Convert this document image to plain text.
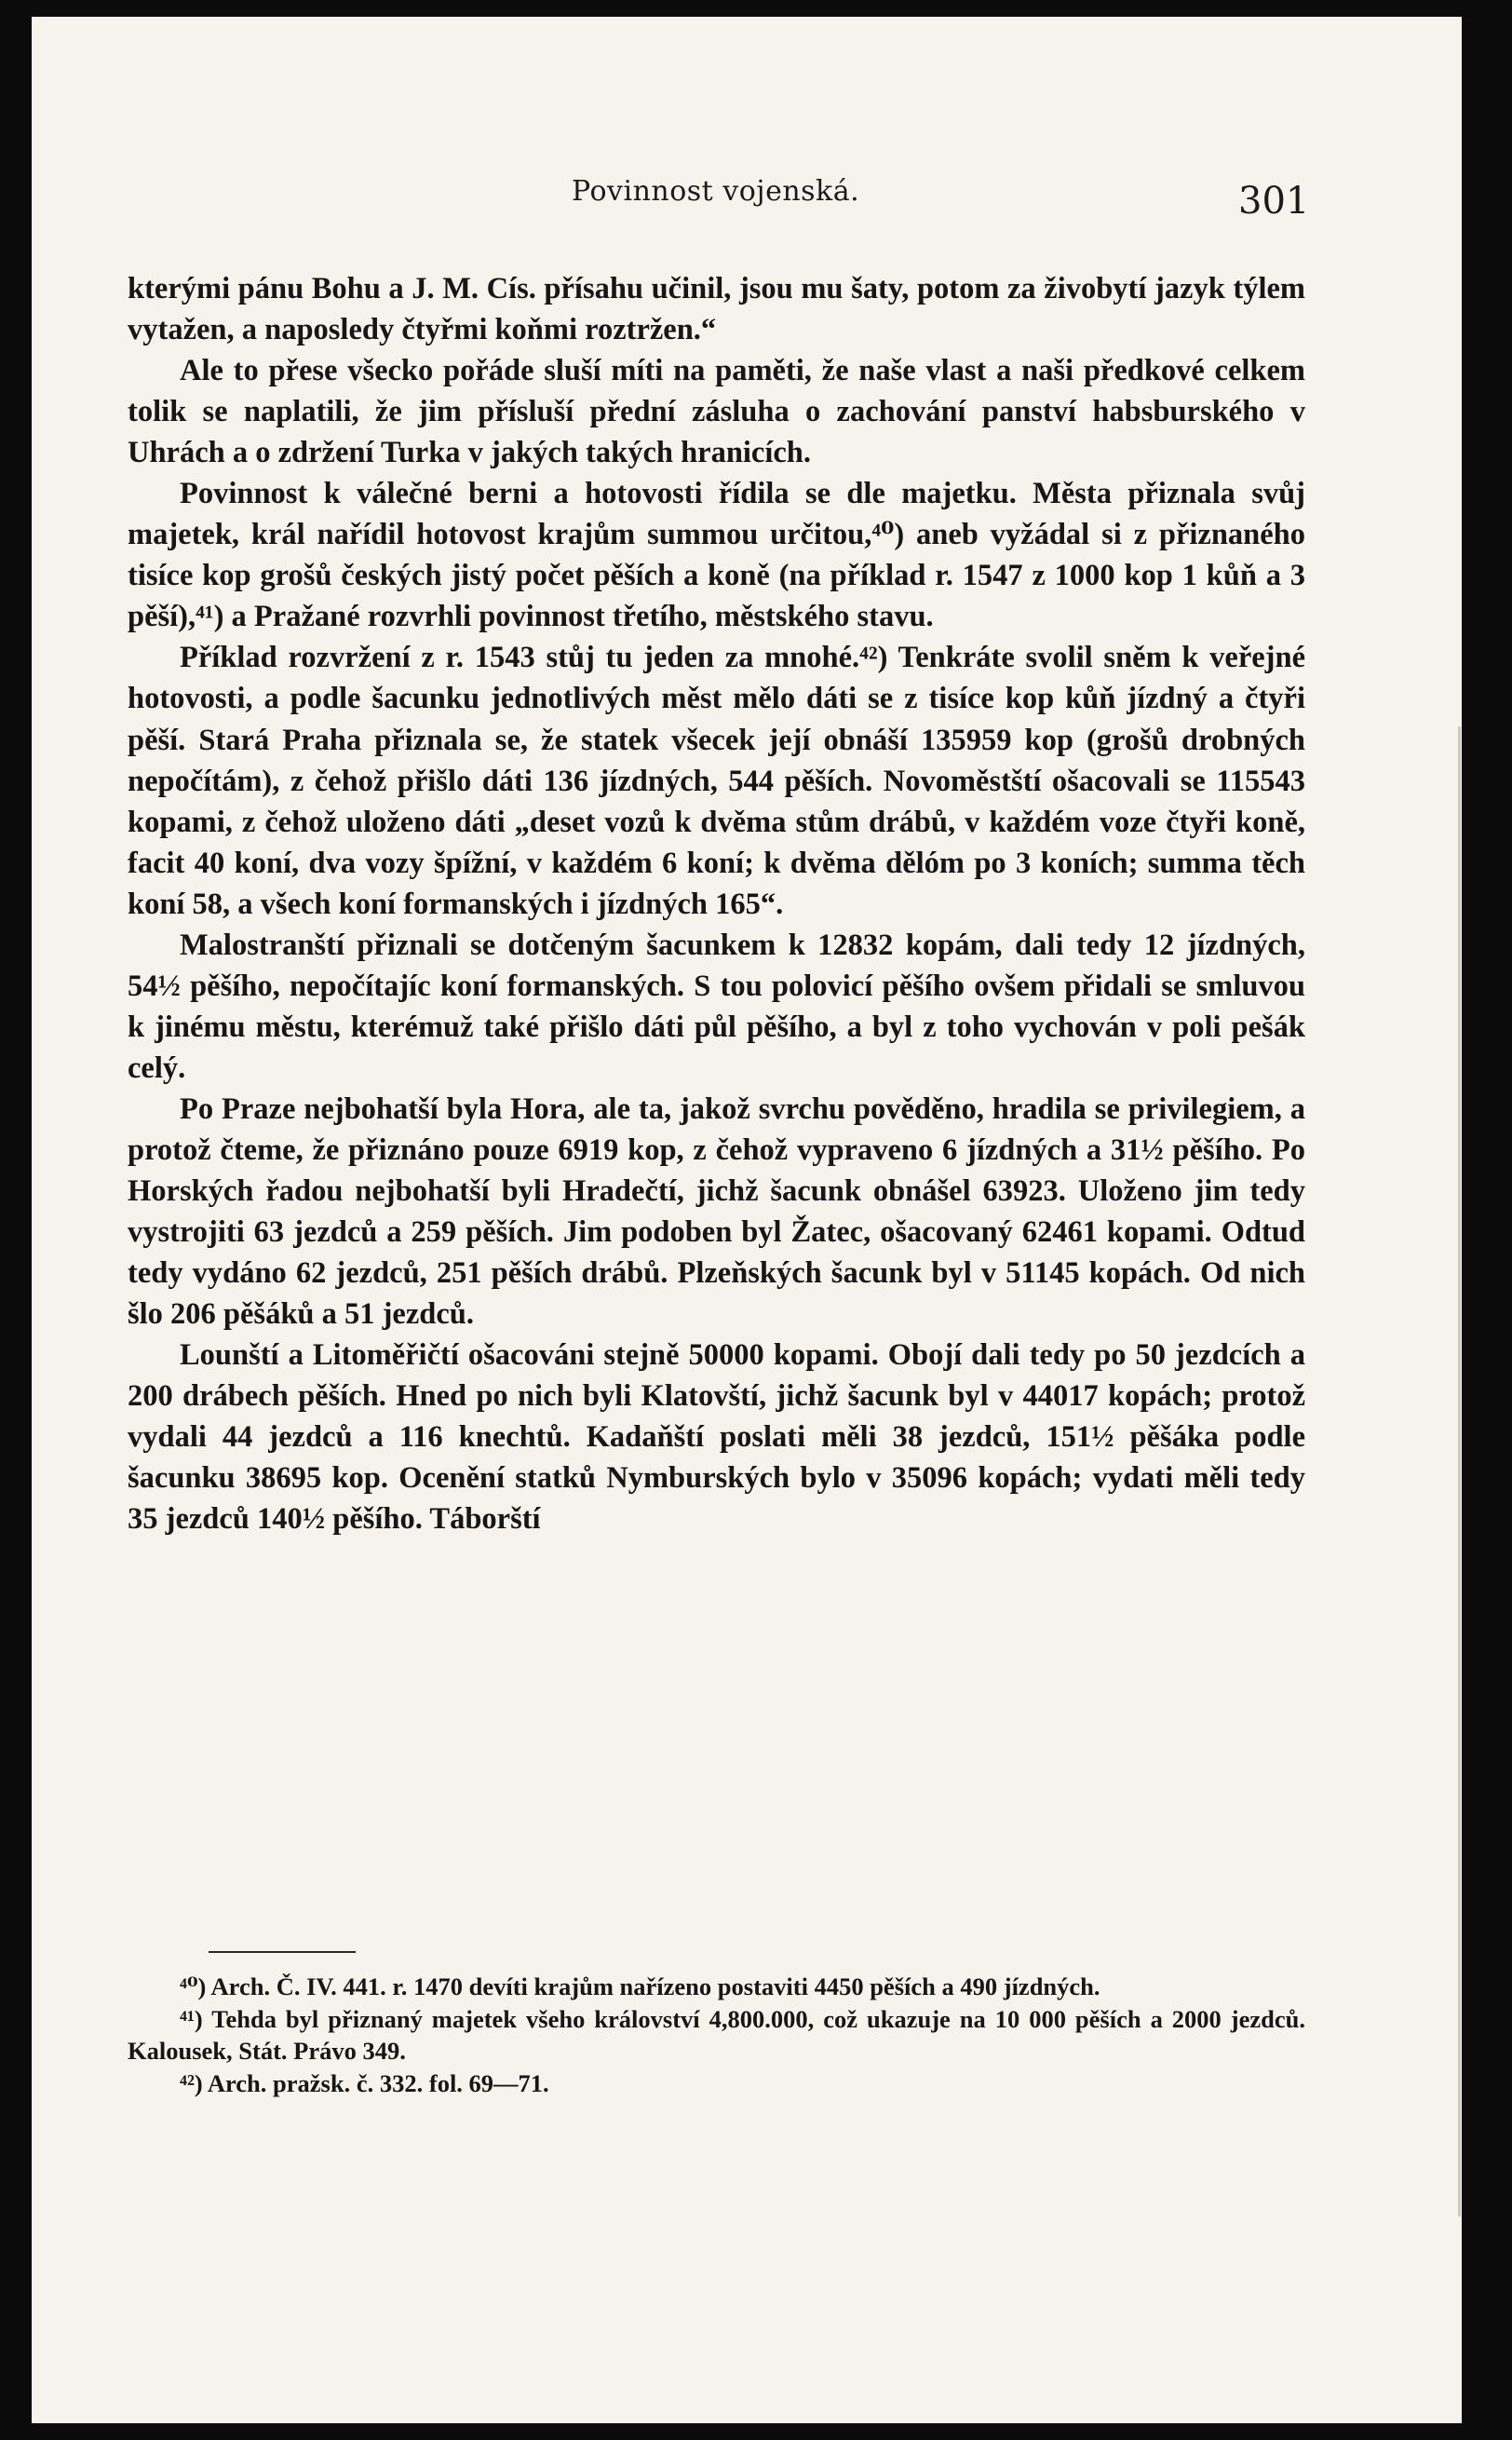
Povinnost vojenská.	301

kterými pánu Bohu a J. M. Cís. přísahu učinil, jsou mu šaty, potom za živobytí jazyk týlem vytažen, a naposledy čtyřmi koňmi roztržen.“

Ale to přese všecko pořáde sluší míti na paměti, že naše vlast a naši předkové celkem tolik se naplatili, že jim přísluší přední zásluha o zachování panství habsburského v Uhrách a o zdržení Turka v jakých takých hranicích.

Povinnost k válečné berni a hotovosti řídila se dle majetku. Města přiznala svůj majetek, král nařídil hotovost krajům summou určitou,⁴⁰) aneb vyžádal si z přiznaného tisíce kop grošů českých jistý počet pěších a koně (na příklad r. 1547 z 1000 kop 1 kůň a 3 pěší),⁴¹) a Pražané rozvrhli povinnost třetího, městského stavu.

Příklad rozvržení z r. 1543 stůj tu jeden za mnohé.⁴²) Tenkráte svolil sněm k veřejné hotovosti, a podle šacunku jednotlivých měst mělo dáti se z tisíce kop kůň jízdný a čtyři pěší. Stará Praha přiznala se, že statek všecek její obnáší 135959 kop (grošů drobných nepočítám), z čehož přišlo dáti 136 jízdných, 544 pěších. Novoměstští ošacovali se 115543 kopami, z čehož uloženo dáti „deset vozů k dvěma stům drábů, v každém voze čtyři koně, facit 40 koní, dva vozy špížní, v každém 6 koní; k dvěma dělóm po 3 koních; summa těch koní 58, a všech koní formanských i jízdných 165“.

Malostranští přiznali se dotčeným šacunkem k 12832 kopám, dali tedy 12 jízdných, 54½ pěšího, nepočítajíc koní formanských. S tou polovicí pěšího ovšem přidali se smluvou k jinému městu, kterémuž také přišlo dáti půl pěšího, a byl z toho vychován v poli pešák celý.

Po Praze nejbohatší byla Hora, ale ta, jakož svrchu pověděno, hradila se privilegiem, a protož čteme, že přiznáno pouze 6919 kop, z čehož vypraveno 6 jízdných a 31½ pěšího. Po Horských řadou nejbohatší byli Hradečtí, jichž šacunk obnášel 63923. Uloženo jim tedy vystrojiti 63 jezdců a 259 pěších. Jim podoben byl Žatec, ošacovaný 62461 kopami. Odtud tedy vydáno 62 jezdců, 251 pěších drábů. Plzeňských šacunk byl v 51145 kopách. Od nich šlo 206 pěšáků a 51 jezdců.

Lounští a Litoměřičtí ošacováni stejně 50000 kopami. Obojí dali tedy po 50 jezdcích a 200 drábech pěších. Hned po nich byli Klatovští, jichž šacunk byl v 44017 kopách; protož vydali 44 jezdců a 116 knechtů. Kadaňští poslati měli 38 jezdců, 151½ pěšáka podle šacunku 38695 kop. Ocenění statků Nymburských bylo v 35096 kopách; vydati měli tedy 35 jezdců 140½ pěšího. Táborští

⁴⁰) Arch. Č. IV. 441. r. 1470 devíti krajům nařízeno postaviti 4450 pěších a 490 jízdných.

⁴¹) Tehda byl přiznaný majetek všeho království 4,800.000, což ukazuje na 10 000 pěších a 2000 jezdců. Kalousek, Stát. Právo 349.

⁴²) Arch. pražsk. č. 332. fol. 69—71.
